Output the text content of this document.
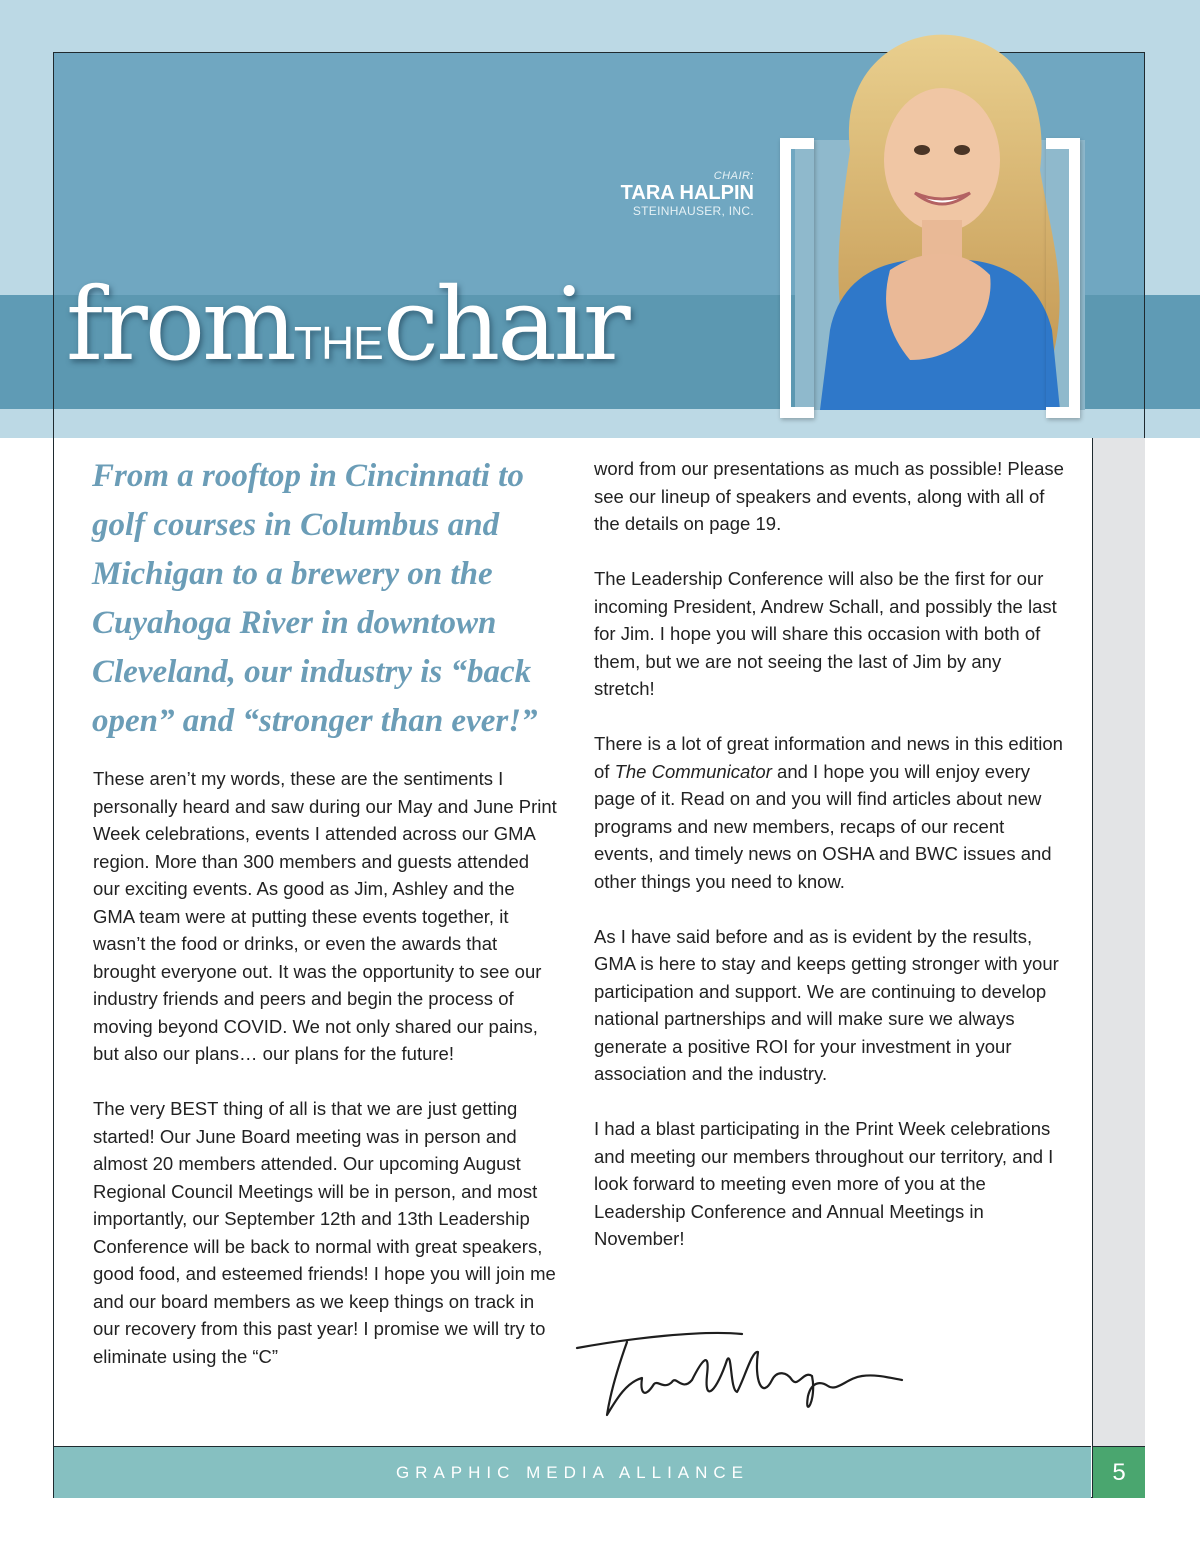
CHAIR:
TARA HALPIN
STEINHAUSER, INC.
fromTHEchair

From a rooftop in Cincinnati to golf courses in Columbus and Michigan to a brewery on the Cuyahoga River in downtown Cleveland, our industry is “back open” and “stronger than ever!”

These aren’t my words, these are the sentiments I personally heard and saw during our May and June Print Week celebrations, events I attended across our GMA region. More than 300 members and guests attended our exciting events. As good as Jim, Ashley and the GMA team were at putting these events together, it wasn’t the food or drinks, or even the awards that brought everyone out. It was the opportunity to see our industry friends and peers and begin the process of moving beyond COVID. We not only shared our pains, but also our plans… our plans for the future!

The very BEST thing of all is that we are just getting started! Our June Board meeting was in person and almost 20 members attended. Our upcoming August Regional Council Meetings will be in person, and most importantly, our September 12th and 13th Leadership Conference will be back to normal with great speakers, good food, and esteemed friends! I hope you will join me and our board members as we keep things on track in our recovery from this past year! I promise we will try to eliminate using the “C”

word from our presentations as much as possible! Please see our lineup of speakers and events, along with all of the details on page 19.

The Leadership Conference will also be the first for our incoming President, Andrew Schall, and possibly the last for Jim. I hope you will share this occasion with both of them, but we are not seeing the last of Jim by any stretch!

There is a lot of great information and news in this edition of The Communicator and I hope you will enjoy every page of it. Read on and you will find articles about new programs and new members, recaps of our recent events, and timely news on OSHA and BWC issues and other things you need to know.

As I have said before and as is evident by the results, GMA is here to stay and keeps getting stronger with your participation and support. We are continuing to develop national partnerships and will make sure we always generate a positive ROI for your investment in your association and the industry.

I had a blast participating in the Print Week celebrations and meeting our members throughout our territory, and I look forward to meeting even more of you at the Leadership Conference and Annual Meetings in November!

GRAPHIC MEDIA ALLIANCE	5
